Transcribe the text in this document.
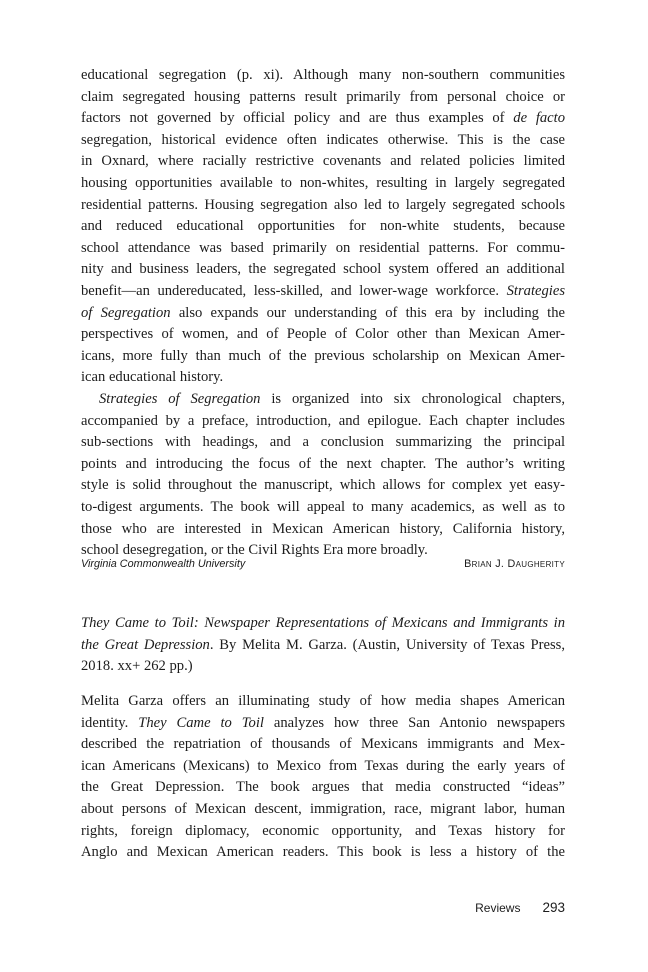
educational segregation (p. xi). Although many non-southern communities
claim segregated housing patterns result primarily from personal choice or
factors not governed by official policy and are thus examples of de facto
segregation, historical evidence often indicates otherwise. This is the case
in Oxnard, where racially restrictive covenants and related policies limited
housing opportunities available to non-whites, resulting in largely segregated
residential patterns. Housing segregation also led to largely segregated schools
and reduced educational opportunities for non-white students, because
school attendance was based primarily on residential patterns. For commu-
nity and business leaders, the segregated school system offered an additional
benefit—an undereducated, less-skilled, and lower-wage workforce. Strategies
of Segregation also expands our understanding of this era by including the
perspectives of women, and of People of Color other than Mexican Amer-
icans, more fully than much of the previous scholarship on Mexican Amer-
ican educational history.

Strategies of Segregation is organized into six chronological chapters,
accompanied by a preface, introduction, and epilogue. Each chapter includes
sub-sections with headings, and a conclusion summarizing the principal
points and introducing the focus of the next chapter. The author’s writing
style is solid throughout the manuscript, which allows for complex yet easy-
to-digest arguments. The book will appeal to many academics, as well as to
those who are interested in Mexican American history, California history,
school desegregation, or the Civil Rights Era more broadly.

Virginia Commonwealth University	Brian J. Daugherity

They Came to Toil: Newspaper Representations of Mexicans and Immigrants in
the Great Depression. By Melita M. Garza. (Austin, University of Texas Press,
2018. xx+ 262 pp.)

Melita Garza offers an illuminating study of how media shapes American
identity. They Came to Toil analyzes how three San Antonio newspapers
described the repatriation of thousands of Mexicans immigrants and Mex-
ican Americans (Mexicans) to Mexico from Texas during the early years of
the Great Depression. The book argues that media constructed “ideas”
about persons of Mexican descent, immigration, race, migrant labor, human
rights, foreign diplomacy, economic opportunity, and Texas history for
Anglo and Mexican American readers. This book is less a history of the

Reviews 293
